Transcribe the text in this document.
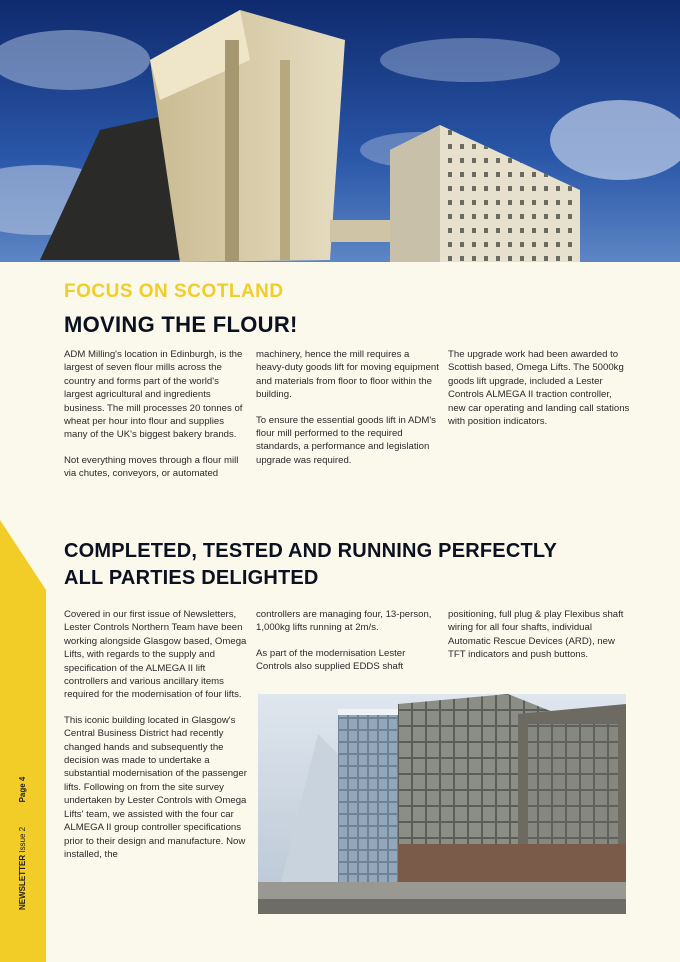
FOCUS ON SCOTLAND
MOVING THE FLOUR!

ADM Milling's location in Edinburgh, is the largest of seven flour mills across the country and forms part of the world's largest agricultural and ingredients business. The mill processes 20 tonnes of wheat per hour into flour and supplies many of the UK's biggest bakery brands.

Not everything moves through a flour mill via chutes, conveyors, or automated

machinery, hence the mill requires a heavy-duty goods lift for moving equipment and materials from floor to floor within the building.

To ensure the essential goods lift in ADM's flour mill performed to the required standards, a performance and legislation upgrade was required.

The upgrade work had been awarded to Scottish based, Omega Lifts. The 5000kg goods lift upgrade, included a Lester Controls ALMEGA II traction controller, new car operating and landing call stations with position indicators.

NEWSLETTER Issue 2           Page 4
COMPLETED, TESTED AND RUNNING PERFECTLY
ALL PARTIES DELIGHTED

Covered in our first issue of Newsletters, Lester Controls Northern Team have been working alongside Glasgow based, Omega Lifts, with regards to the supply and specification of the ALMEGA II lift controllers and various ancillary items required for the modernisation of four lifts.

This iconic building located in Glasgow's Central Business District had recently changed hands and subsequently the decision was made to undertake a substantial modernisation of the passenger lifts. Following on from the site survey undertaken by Lester Controls with Omega Lifts' team, we assisted with the four car ALMEGA II group controller specifications prior to their design and manufacture. Now installed, the

controllers are managing four, 13-person, 1,000kg lifts running at 2m/s.

As part of the modernisation Lester Controls also supplied EDDS shaft

positioning, full plug & play Flexibus shaft wiring for all four shafts, individual Automatic Rescue Devices (ARD), new TFT indicators and push buttons.
